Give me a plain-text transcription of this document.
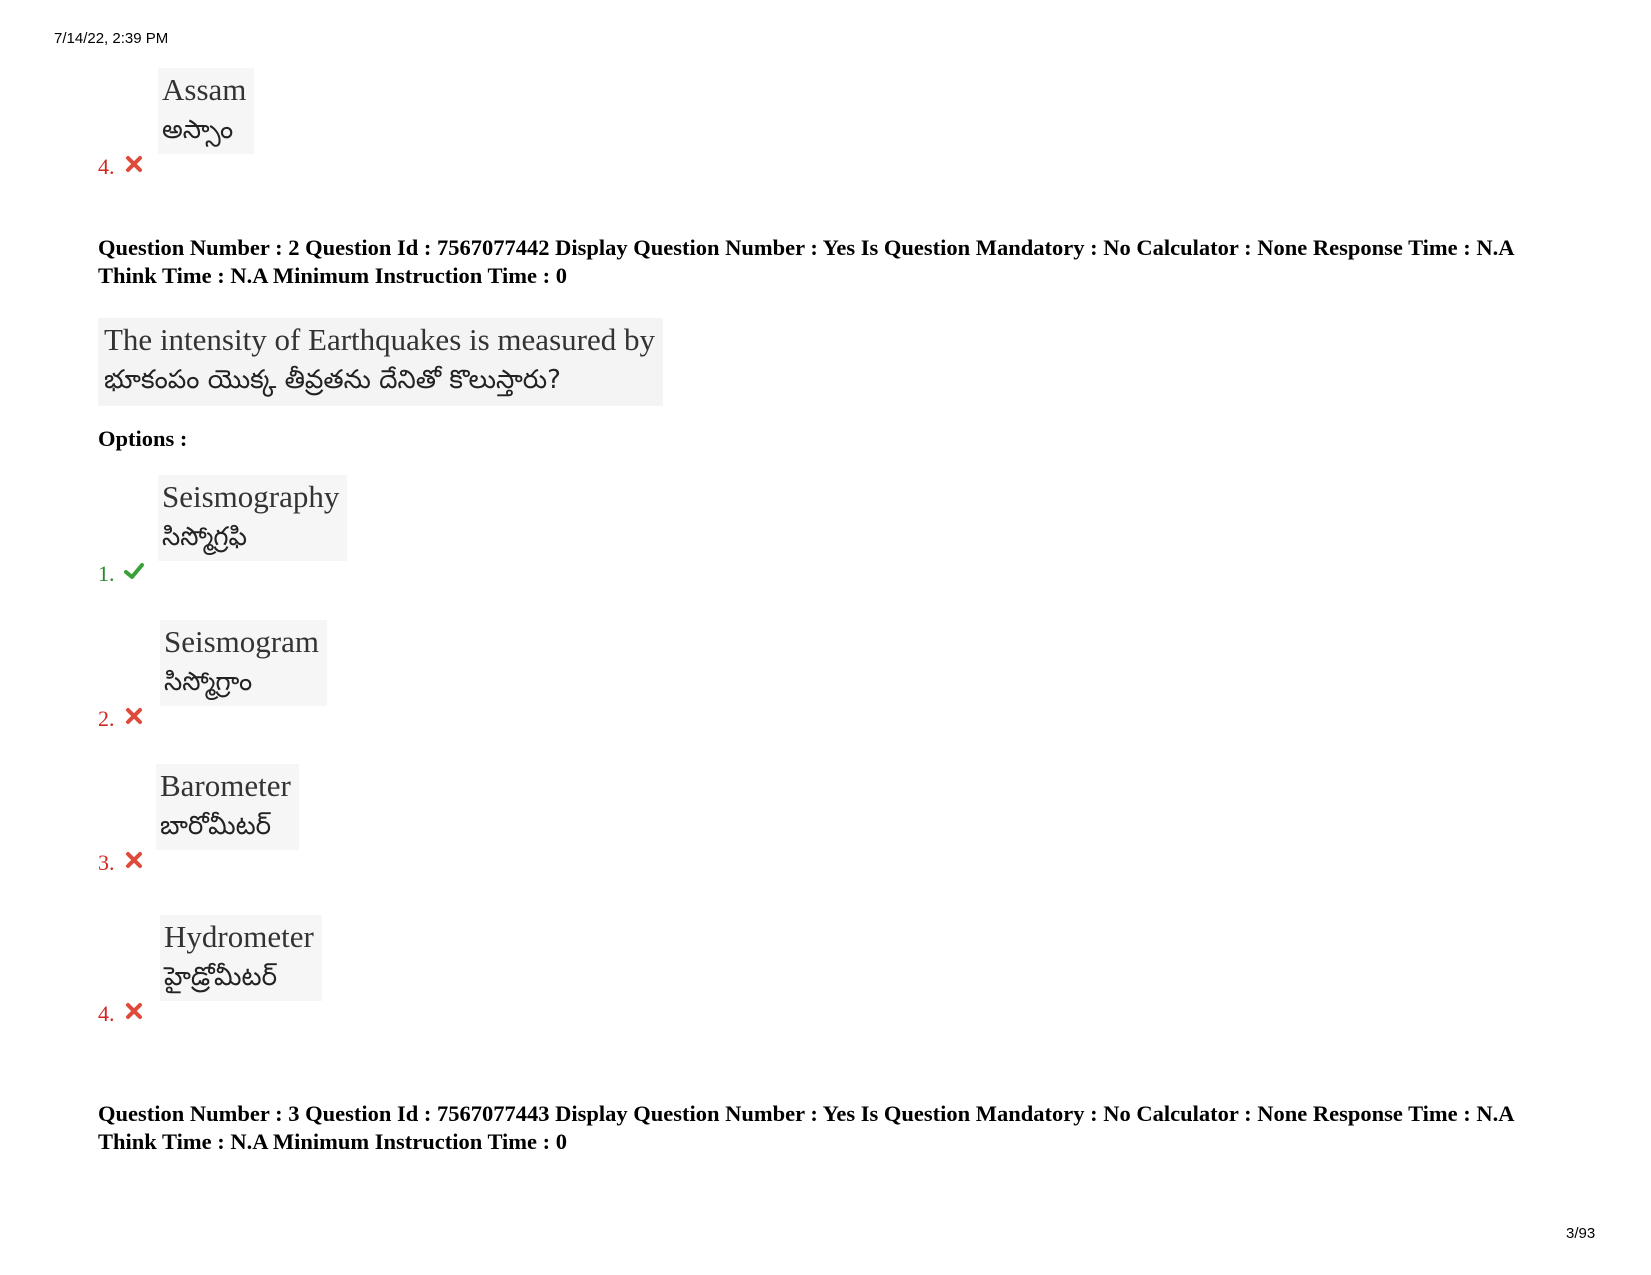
7/14/22, 2:39 PM
4.
Assam
అస్సాం
Question Number : 2 Question Id : 7567077442 Display Question Number : Yes Is Question Mandatory : No Calculator : None Response Time : N.A Think Time : N.A Minimum Instruction Time : 0
The intensity of Earthquakes is measured by
భూకంపం యొక్క తీవ్రతను దేనితో కొలుస్తారు?
Options :
1.
Seismography
సిస్మోగ్రఫి
2.
Seismogram
సిస్మోగ్రాం
3.
Barometer
బారోమీటర్
4.
Hydrometer
హైడ్రోమీటర్
Question Number : 3 Question Id : 7567077443 Display Question Number : Yes Is Question Mandatory : No Calculator : None Response Time : N.A Think Time : N.A Minimum Instruction Time : 0
3/93
